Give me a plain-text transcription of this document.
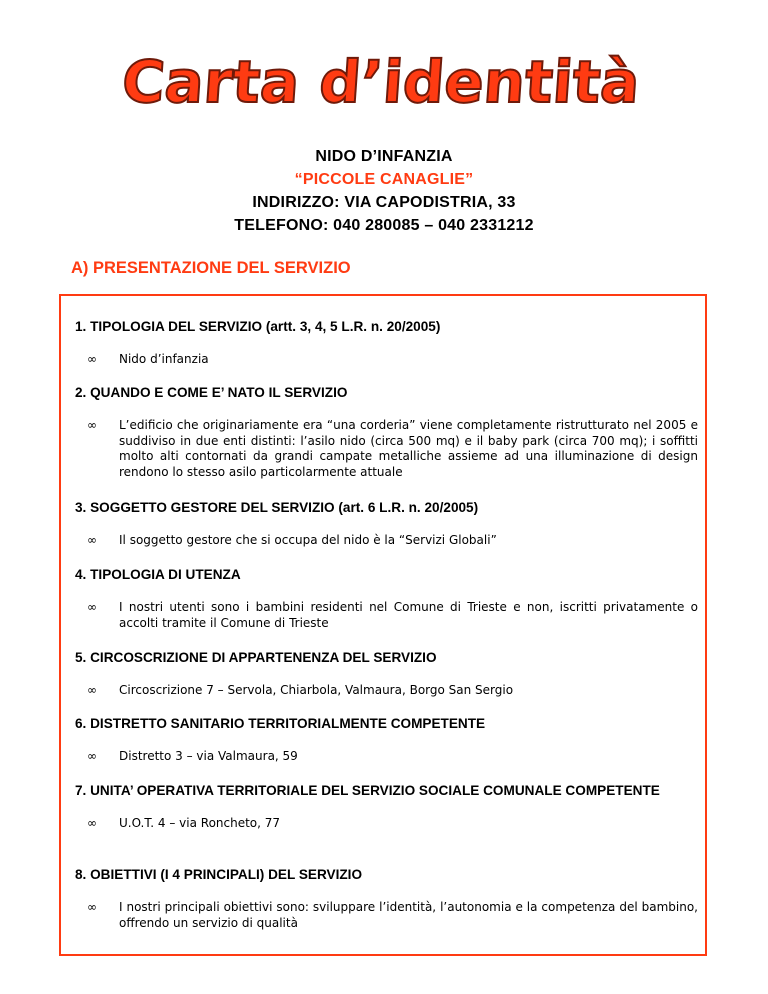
Carta d’identità
NIDO D’INFANZIA
“PICCOLE CANAGLIE”
INDIRIZZO: VIA CAPODISTRIA, 33
TELEFONO: 040 280085 – 040 2331212
A) PRESENTAZIONE DEL SERVIZIO
1. TIPOLOGIA DEL SERVIZIO (artt. 3, 4, 5 L.R. n. 20/2005)
∞ Nido d’infanzia
2. QUANDO E COME E’ NATO IL SERVIZIO
∞ L’edificio che originariamente era “una corderia” viene completamente ristrutturato nel 2005 e suddiviso in due enti distinti: l’asilo nido (circa 500 mq) e il baby park (circa 700 mq); i soffitti molto alti contornati da grandi campate metalliche assieme ad una illuminazione di design rendono lo stesso asilo particolarmente attuale
3. SOGGETTO GESTORE DEL SERVIZIO (art. 6 L.R. n. 20/2005)
∞ Il soggetto gestore che si occupa del nido è la “Servizi Globali”
4. TIPOLOGIA DI UTENZA
∞ I nostri utenti sono i bambini residenti nel Comune di Trieste e non, iscritti privatamente o accolti tramite il Comune di Trieste
5. CIRCOSCRIZIONE DI APPARTENENZA DEL SERVIZIO
∞ Circoscrizione 7 – Servola, Chiarbola, Valmaura, Borgo San Sergio
6. DISTRETTO SANITARIO TERRITORIALMENTE COMPETENTE
∞ Distretto 3 – via Valmaura, 59
7. UNITA’ OPERATIVA TERRITORIALE DEL SERVIZIO SOCIALE COMUNALE COMPETENTE
∞ U.O.T. 4 – via Roncheto, 77
8. OBIETTIVI (I 4 PRINCIPALI) DEL SERVIZIO
∞ I nostri principali obiettivi sono: sviluppare l’identità, l’autonomia e la competenza del bambino, offrendo un servizio di qualità
